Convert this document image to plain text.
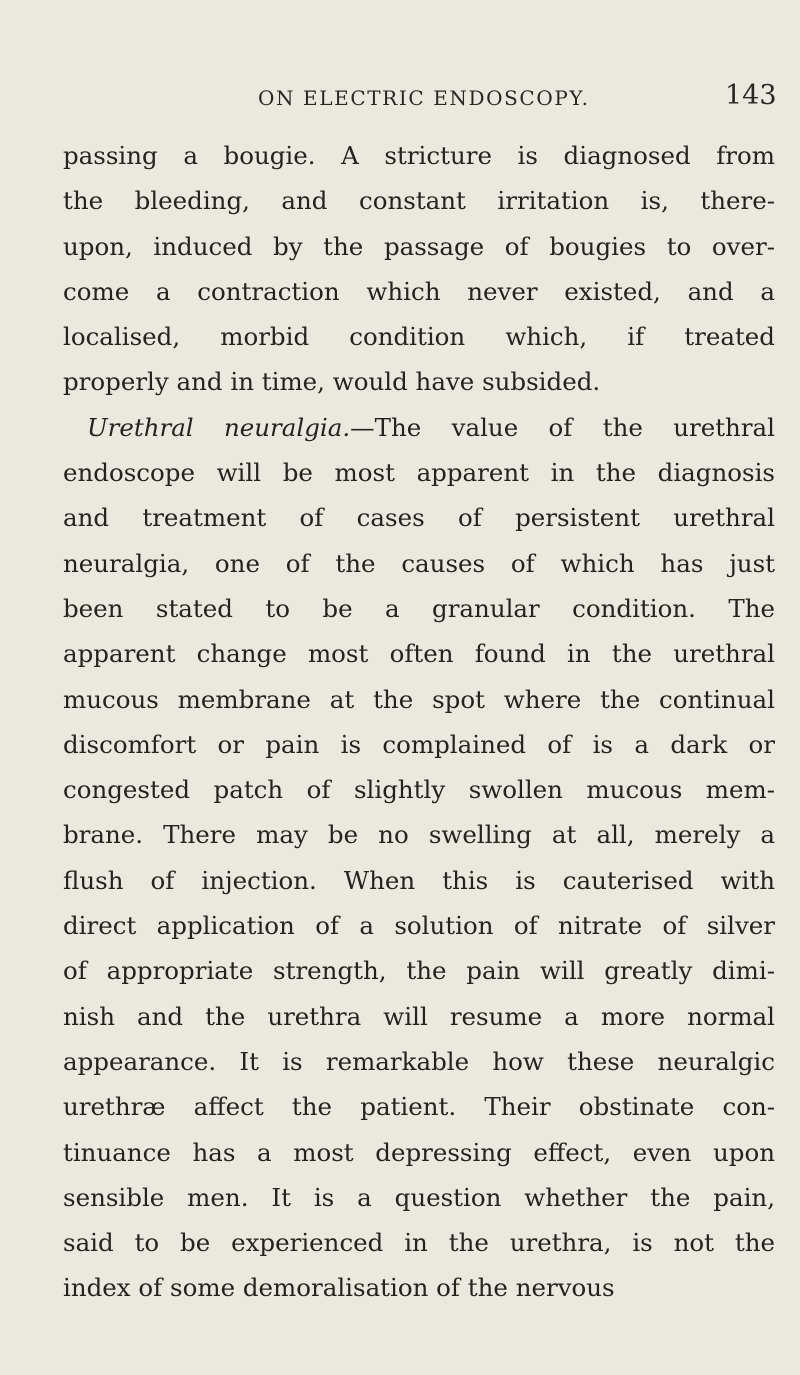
ON ELECTRIC ENDOSCOPY.	143
passing a bougie. A stricture is diagnosed from
the bleeding, and constant irritation is, there-
upon, induced by the passage of bougies to over-
come a contraction which never existed, and a
localised, morbid condition which, if treated
properly and in time, would have subsided.
Urethral neuralgia.—The value of the urethral
endoscope will be most apparent in the diagnosis
and treatment of cases of persistent urethral
neuralgia, one of the causes of which has just
been stated to be a granular condition. The
apparent change most often found in the urethral
mucous membrane at the spot where the continual
discomfort or pain is complained of is a dark or
congested patch of slightly swollen mucous mem-
brane. There may be no swelling at all, merely a
flush of injection. When this is cauterised with
direct application of a solution of nitrate of silver
of appropriate strength, the pain will greatly dimi-
nish and the urethra will resume a more normal
appearance. It is remarkable how these neuralgic
urethræ affect the patient. Their obstinate con-
tinuance has a most depressing effect, even upon
sensible men. It is a question whether the pain,
said to be experienced in the urethra, is not the
index of some demoralisation of the nervous
